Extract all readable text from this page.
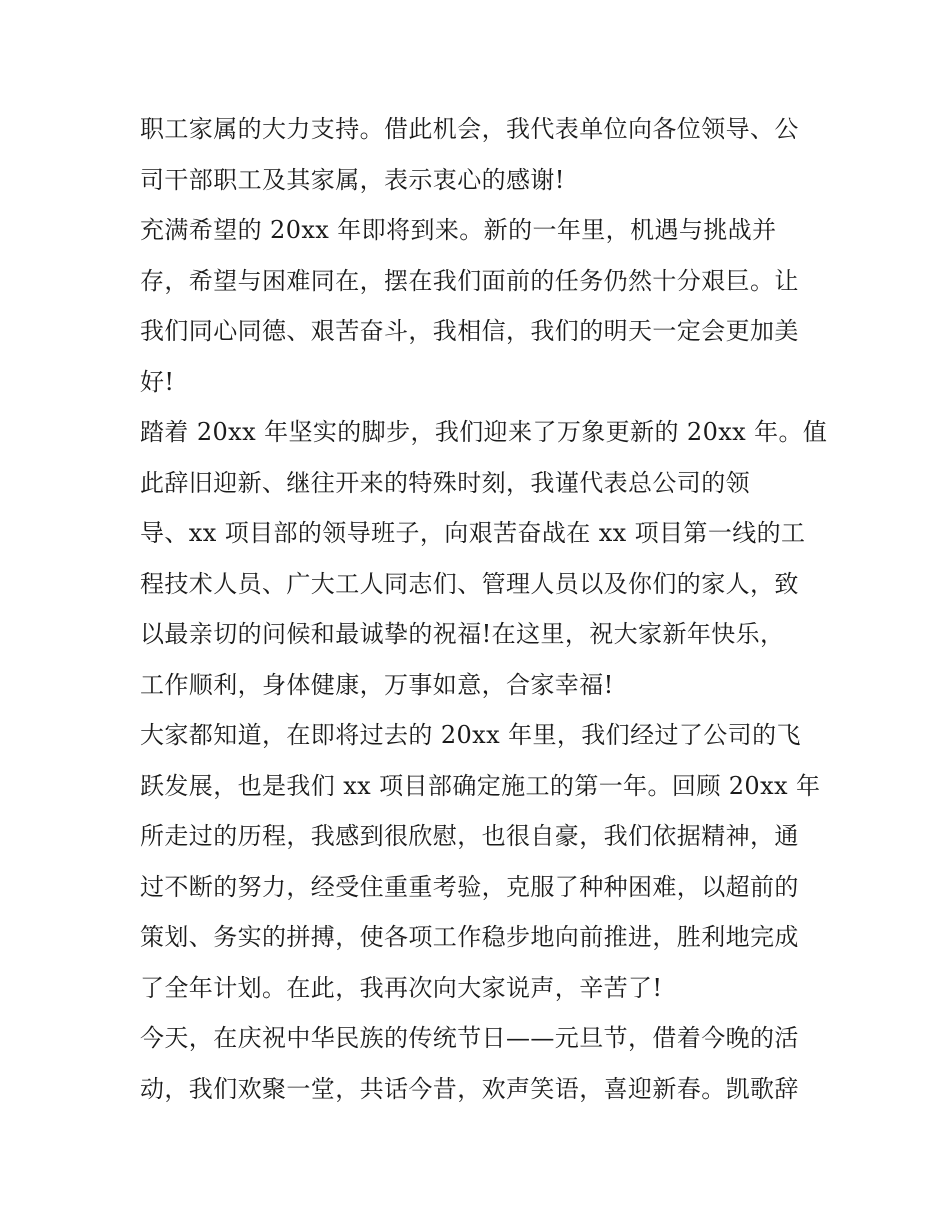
职工家属的大力支持。借此机会，我代表单位向各位领导、公
司干部职工及其家属，表示衷心的感谢!
充满希望的 20xx 年即将到来。新的一年里，机遇与挑战并
存，希望与困难同在，摆在我们面前的任务仍然十分艰巨。让
我们同心同德、艰苦奋斗，我相信，我们的明天一定会更加美
好!
踏着 20xx 年坚实的脚步，我们迎来了万象更新的 20xx 年。值
此辞旧迎新、继往开来的特殊时刻，我谨代表总公司的领
导、xx 项目部的领导班子，向艰苦奋战在 xx 项目第一线的工
程技术人员、广大工人同志们、管理人员以及你们的家人，致
以最亲切的问候和最诚挚的祝福!在这里，祝大家新年快乐，
工作顺利，身体健康，万事如意，合家幸福!
大家都知道，在即将过去的 20xx 年里，我们经过了公司的飞
跃发展，也是我们 xx 项目部确定施工的第一年。回顾 20xx 年
所走过的历程，我感到很欣慰，也很自豪，我们依据精神，通
过不断的努力，经受住重重考验，克服了种种困难，以超前的
策划、务实的拼搏，使各项工作稳步地向前推进，胜利地完成
了全年计划。在此，我再次向大家说声，辛苦了!
今天，在庆祝中华民族的传统节日——元旦节，借着今晚的活
动，我们欢聚一堂，共话今昔，欢声笑语，喜迎新春。凯歌辞
